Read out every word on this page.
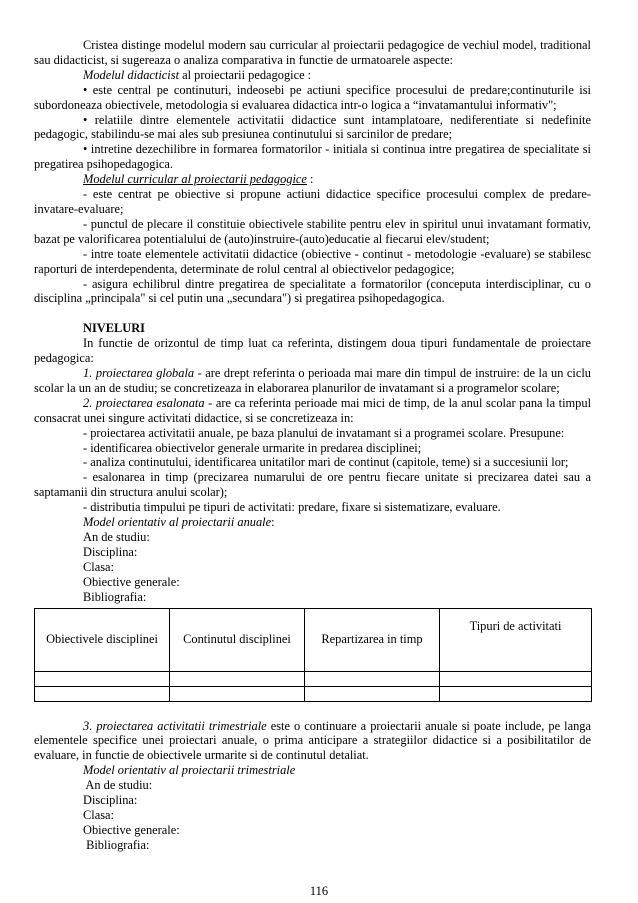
Cristea distinge modelul modern sau curricular al proiectarii pedagogice de vechiul model, traditional sau didacticist, si sugereaza o analiza comparativa in functie de urmatoarele aspecte:

Modelul didacticist al proiectarii pedagogice :

• este central pe continuturi, indeosebi pe actiuni specifice procesului de predare;continuturile isi subordoneaza obiectivele, metodologia si evaluarea didactica intr-o logica a “invatamantului informativ";

• relatiile dintre elementele activitatii didactice sunt intamplatoare, nediferentiate si nedefinite pedagogic, stabilindu-se mai ales sub presiunea continutului si sarcinilor de predare;

• intretine dezechilibre in formarea formatorilor - initiala si continua intre pregatirea de specialitate si pregatirea psihopedagogica.

Modelul curricular al proiectarii pedagogice :

- este centrat pe obiective si propune actiuni didactice specifice procesului complex de predare-invatare-evaluare;

- punctul de plecare il constituie obiectivele stabilite pentru elev in spiritul unui invatamant formativ, bazat pe valorificarea potentialului de (auto)instruire-(auto)educatie al fiecarui elev/student;

- intre toate elementele activitatii didactice (obiective - continut - metodologie -evaluare) se stabilesc raporturi de interdependenta, determinate de rolul central al obiectivelor pedagogice;

- asigura echilibrul dintre pregatirea de specialitate a formatorilor (conceputa interdisciplinar, cu o disciplina „principala" si cel putin una „secundara") si pregatirea psihopedagogica.

NIVELURI

In functie de orizontul de timp luat ca referinta, distingem doua tipuri fundamentale de proiectare pedagogica:

1. proiectarea globala - are drept referinta o perioada mai mare din timpul de instruire: de la un ciclu scolar la un an de studiu; se concretizeaza in elaborarea planurilor de invatamant si a programelor scolare;

2. proiectarea esalonata - are ca referinta perioade mai mici de timp, de la anul scolar pana la timpul consacrat unei singure activitati didactice, si se concretizeaza in:

- proiectarea activitatii anuale, pe baza planului de invatamant si a programei scolare. Presupune:

- identificarea obiectivelor generale urmarite in predarea disciplinei;

- analiza continutului, identificarea unitatilor mari de continut (capitole, teme) si a succesiunii lor;

- esalonarea in timp (precizarea numarului de ore pentru fiecare unitate si precizarea datei sau a saptamanii din structura anului scolar);

- distributia timpului pe tipuri de activitati: predare, fixare si sistematizare, evaluare.

Model orientativ al proiectarii anuale:

An de studiu:

Disciplina:

Clasa:

Obiective generale:

Bibliografia:

Obiectivele disciplinei	Continutul disciplinei	Repartizarea in timp	Tipuri de activitati

3. proiectarea activitatii trimestriale este o continuare a proiectarii anuale si poate include, pe langa elementele specifice unei proiectari anuale, o prima anticipare a strategiilor didactice si a posibilitatilor de evaluare, in functie de obiectivele urmarite si de continutul detaliat.

Model orientativ al proiectarii trimestriale

An de studiu:

Disciplina:

Clasa:

Obiective generale:

Bibliografia:

116
